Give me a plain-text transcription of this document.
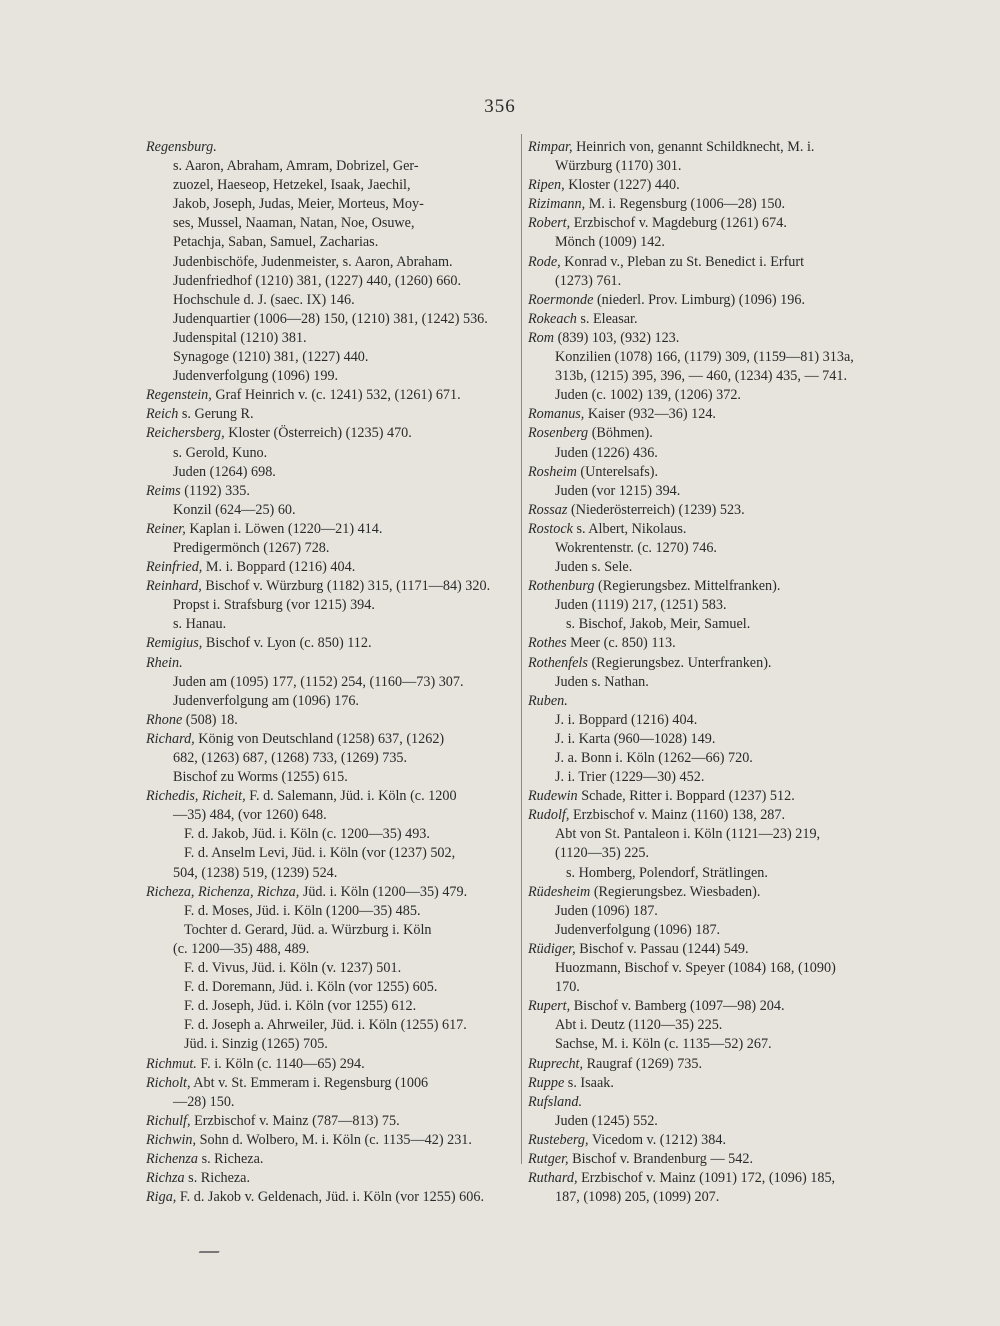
356
Regensburg.
s. Aaron, Abraham, Amram, Dobrizel, Ger-
zuozel, Haeseop, Hetzekel, Isaak, Jaechil,
Jakob, Joseph, Judas, Meier, Morteus, Moy-
ses, Mussel, Naaman, Natan, Noe, Osuwe,
Petachja, Saban, Samuel, Zacharias.
Judenbischöfe, Judenmeister, s. Aaron, Abraham.
Judenfriedhof (1210) 381, (1227) 440, (1260) 660.
Hochschule d. J. (saec. IX) 146.
Judenquartier (1006—28) 150, (1210) 381, (1242) 536.
Judenspital (1210) 381.
Synagoge (1210) 381, (1227) 440.
Judenverfolgung (1096) 199.
Regenstein, Graf Heinrich v. (c. 1241) 532, (1261) 671.
Reich s. Gerung R.
Reichersberg, Kloster (Österreich) (1235) 470.
s. Gerold, Kuno.
Juden (1264) 698.
Reims (1192) 335.
Konzil (624—25) 60.
Reiner, Kaplan i. Löwen (1220—21) 414.
Predigermönch (1267) 728.
Reinfried, M. i. Boppard (1216) 404.
Reinhard, Bischof v. Würzburg (1182) 315, (1171—84) 320.
Propst i. Strafsburg (vor 1215) 394.
s. Hanau.
Remigius, Bischof v. Lyon (c. 850) 112.
Rhein.
Juden am (1095) 177, (1152) 254, (1160—73) 307.
Judenverfolgung am (1096) 176.
Rhone (508) 18.
Richard, König von Deutschland (1258) 637, (1262)
682, (1263) 687, (1268) 733, (1269) 735.
Bischof zu Worms (1255) 615.
Richedis, Richeit, F. d. Salemann, Jüd. i. Köln (c. 1200
—35) 484, (vor 1260) 648.
F. d. Jakob, Jüd. i. Köln (c. 1200—35) 493.
F. d. Anselm Levi, Jüd. i. Köln (vor (1237) 502,
504, (1238) 519, (1239) 524.
Richeza, Richenza, Richza, Jüd. i. Köln (1200—35) 479.
F. d. Moses, Jüd. i. Köln (1200—35) 485.
Tochter d. Gerard, Jüd. a. Würzburg i. Köln
(c. 1200—35) 488, 489.
F. d. Vivus, Jüd. i. Köln (v. 1237) 501.
F. d. Doremann, Jüd. i. Köln (vor 1255) 605.
F. d. Joseph, Jüd. i. Köln (vor 1255) 612.
F. d. Joseph a. Ahrweiler, Jüd. i. Köln (1255) 617.
Jüd. i. Sinzig (1265) 705.
Richmut. F. i. Köln (c. 1140—65) 294.
Richolt, Abt v. St. Emmeram i. Regensburg (1006
—28) 150.
Richulf, Erzbischof v. Mainz (787—813) 75.
Richwin, Sohn d. Wolbero, M. i. Köln (c. 1135—42) 231.
Richenza s. Richeza.
Richza s. Richeza.
Riga, F. d. Jakob v. Geldenach, Jüd. i. Köln (vor 1255) 606.
Rimpar, Heinrich von, genannt Schildknecht, M. i.
Würzburg (1170) 301.
Ripen, Kloster (1227) 440.
Rizimann, M. i. Regensburg (1006—28) 150.
Robert, Erzbischof v. Magdeburg (1261) 674.
Mönch (1009) 142.
Rode, Konrad v., Pleban zu St. Benedict i. Erfurt
(1273) 761.
Roermonde (niederl. Prov. Limburg) (1096) 196.
Rokeach s. Eleasar.
Rom (839) 103, (932) 123.
Konzilien (1078) 166, (1179) 309, (1159—81) 313a,
313b, (1215) 395, 396, — 460, (1234) 435, — 741.
Juden (c. 1002) 139, (1206) 372.
Romanus, Kaiser (932—36) 124.
Rosenberg (Böhmen).
Juden (1226) 436.
Rosheim (Unterelsafs).
Juden (vor 1215) 394.
Rossaz (Niederösterreich) (1239) 523.
Rostock s. Albert, Nikolaus.
Wokrentenstr. (c. 1270) 746.
Juden s. Sele.
Rothenburg (Regierungsbez. Mittelfranken).
Juden (1119) 217, (1251) 583.
s. Bischof, Jakob, Meir, Samuel.
Rothes Meer (c. 850) 113.
Rothenfels (Regierungsbez. Unterfranken).
Juden s. Nathan.
Ruben.
J. i. Boppard (1216) 404.
J. i. Karta (960—1028) 149.
J. a. Bonn i. Köln (1262—66) 720.
J. i. Trier (1229—30) 452.
Rudewin Schade, Ritter i. Boppard (1237) 512.
Rudolf, Erzbischof v. Mainz (1160) 138, 287.
Abt von St. Pantaleon i. Köln (1121—23) 219,
(1120—35) 225.
s. Homberg, Polendorf, Strätlingen.
Rüdesheim (Regierungsbez. Wiesbaden).
Juden (1096) 187.
Judenverfolgung (1096) 187.
Rüdiger, Bischof v. Passau (1244) 549.
Huozmann, Bischof v. Speyer (1084) 168, (1090)
170.
Rupert, Bischof v. Bamberg (1097—98) 204.
Abt i. Deutz (1120—35) 225.
Sachse, M. i. Köln (c. 1135—52) 267.
Ruprecht, Raugraf (1269) 735.
Ruppe s. Isaak.
Rufsland.
Juden (1245) 552.
Rusteberg, Vicedom v. (1212) 384.
Rutger, Bischof v. Brandenburg — 542.
Ruthard, Erzbischof v. Mainz (1091) 172, (1096) 185,
187, (1098) 205, (1099) 207.
